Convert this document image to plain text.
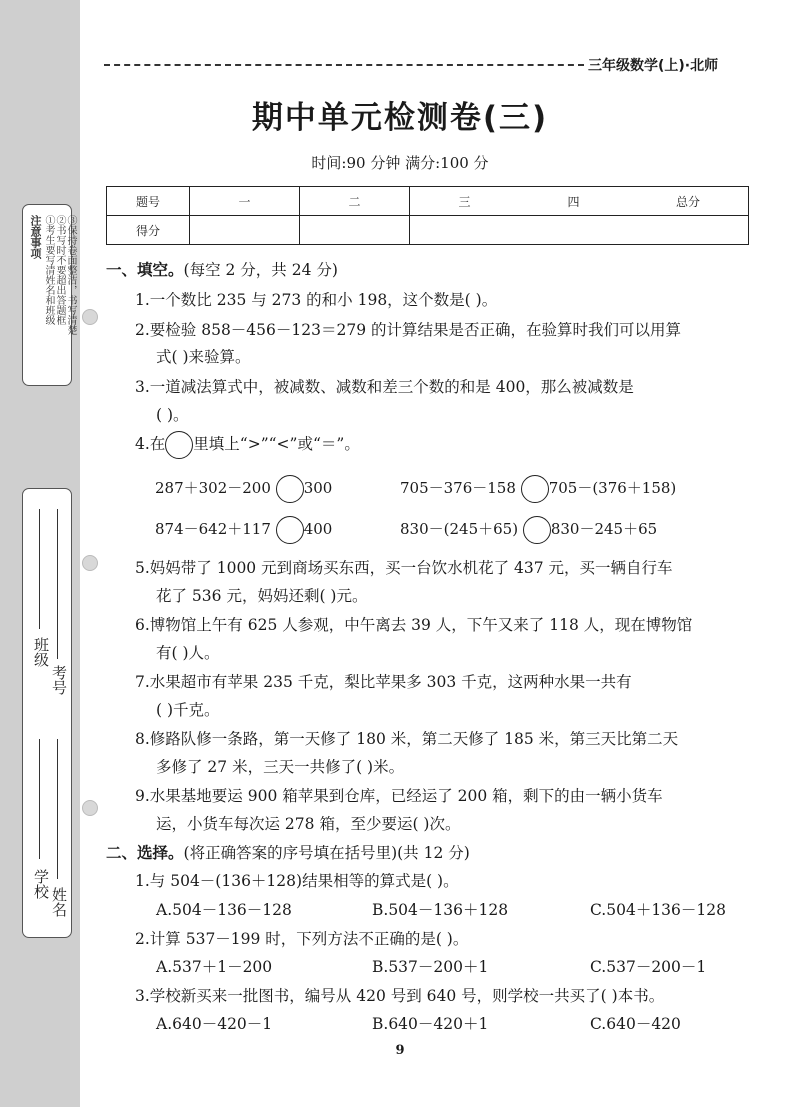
注意事项 ①考生要写清姓名和班级 ②书写时不要超出答题框 ③保持卷面整洁，书写清楚
班级
考号
学校
姓名
三年级数学(上)·北师
期中单元检测卷(三)
时间:90 分钟 满分:100 分
题号	一	二	三	四	总分
得分					
一、填空。(每空 2 分，共 24 分)
1.一个数比 235 与 273 的和小 198，这个数是( )。
2.要检验 858－456－123＝279 的计算结果是否正确，在验算时我们可以用算
式( )来验算。
3.一道减法算式中，被减数、减数和差三个数的和是 400，那么被减数是
( )。
4.在 里填上“>”“<”或“＝”。
287＋302－200 300	705－376－158 705－(376＋158)
874－642＋117 400	830－(245＋65) 830－245＋65
5.妈妈带了 1000 元到商场买东西，买一台饮水机花了 437 元，买一辆自行车
花了 536 元，妈妈还剩( )元。
6.博物馆上午有 625 人参观，中午离去 39 人，下午又来了 118 人，现在博物馆
有( )人。
7.水果超市有苹果 235 千克，梨比苹果多 303 千克，这两种水果一共有
( )千克。
8.修路队修一条路，第一天修了 180 米，第二天修了 185 米，第三天比第二天
多修了 27 米，三天一共修了( )米。
9.水果基地要运 900 箱苹果到仓库，已经运了 200 箱，剩下的由一辆小货车
运，小货车每次运 278 箱，至少要运( )次。
二、选择。(将正确答案的序号填在括号里)(共 12 分)
1.与 504－(136＋128)结果相等的算式是( )。
A.504－136－128	B.504－136＋128	C.504＋136－128
2.计算 537－199 时，下列方法不正确的是( )。
A.537＋1－200	B.537－200＋1	C.537－200－1
3.学校新买来一批图书，编号从 420 号到 640 号，则学校一共买了( )本书。
A.640－420－1	B.640－420＋1	C.640－420
9
